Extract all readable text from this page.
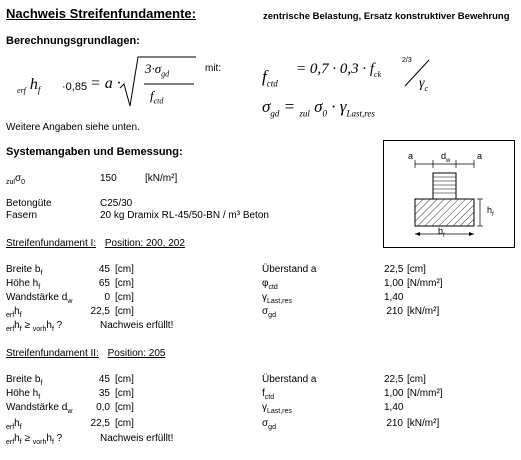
Nachweis Streifenfundamente:	zentrische Belastung, Ersatz konstruktiver Bewehrung
Berechnungsgrundlagen:
$_{erf}$ $h_f \cdot 0,85 = a$ ·
$3\cdot\sigma_{gd}$
$f_{ctd}$
mit: $f_{ctd}$
= $0,7 \cdot 0,3 \cdot f_{ck}$
2/3
$\gamma_c$
$\sigma_{gd} = _{zul}$ $\sigma_0 \cdot \gamma_{Last,res}$
Weitere Angaben siehe unten.
Systemangaben und Bemessung:
$_{zul}\sigma_0$	150	[kN/m²]
Betongüte	C25/30
Fasern	20 kg Dramix RL-45/50-BN / m³ Beton
a	$d_w$	a
$h_f$
$b_f$
Streifenfundament I: Position: 200, 202
Breite $b_f$	45 [cm]	Überstand a	22,5 [cm]
Höhe $h_f$	65 [cm]	$\varphi_{ctd}$	1,00 [N/mm²]
Wandstärke $d_w$	0 [cm]	$\gamma_{Last,res}$	1,40
$_{erf}h_f$	22,5 [cm]	$\sigma_{gd}$	210 [kN/m²]
$_{erf}h_f \ge _{vorh}h_f$ ?	Nachweis erfüllt!
Streifenfundament II: Position: 205
Breite $b_f$	45 [cm]	Überstand a	22,5 [cm]
Höhe $h_f$	35 [cm]	$f_{ctd}$	1,00 [N/mm²]
Wandstärke $d_w$	0,0 [cm]	$\gamma_{Last,res}$	1,40
$_{erf}h_f$	22,5 [cm]	$\sigma_{gd}$	210 [kN/m²]
$_{erf}h_f \ge _{vorh}h_f$ ?	Nachweis erfüllt!
